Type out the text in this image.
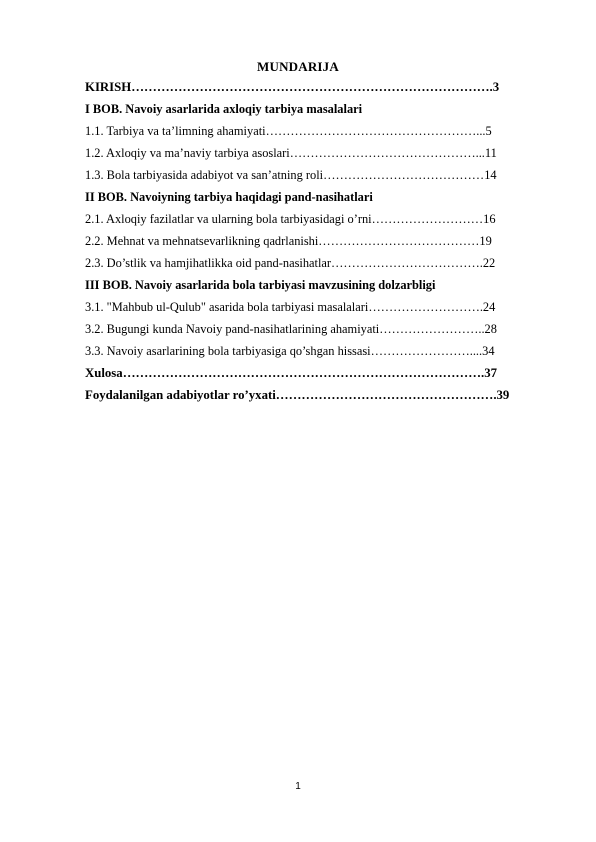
MUNDARIJA
KIRISH………………………………………………………………………….3
I BOB. Navoiy asarlarida axloqiy tarbiya masalalari
1.1. Tarbiya va ta’limning ahamiyati……………………………………………...5
1.2. Axloqiy va ma’naviy tarbiya asoslari………………………………………...11
1.3. Bola tarbiyasida adabiyot va san’atning roli…………………………………14
II BOB. Navoiyning tarbiya haqidagi pand-nasihatlari
2.1. Axloqiy fazilatlar va ularning bola tarbiyasidagi o’rni………………………16
2.2. Mehnat va mehnatsevarlikning qadrlanishi…………………………………19
2.3. Do’stlik va hamjihatlikka oid pand-nasihatlar……………………………….22
III BOB. Navoiy asarlarida bola tarbiyasi mavzusining dolzarbligi
3.1. "Mahbub ul-Qulub" asarida bola tarbiyasi masalalari……………………….24
3.2. Bugungi kunda Navoiy pand-nasihatlarining ahamiyati……………………..28
3.3. Navoiy asarlarining bola tarbiyasiga qo’shgan hissasi……………………....34
Xulosa………………………………………………………………………….37
Foydalanilgan adabiyotlar ro’yxati…………………………………………….39
1
